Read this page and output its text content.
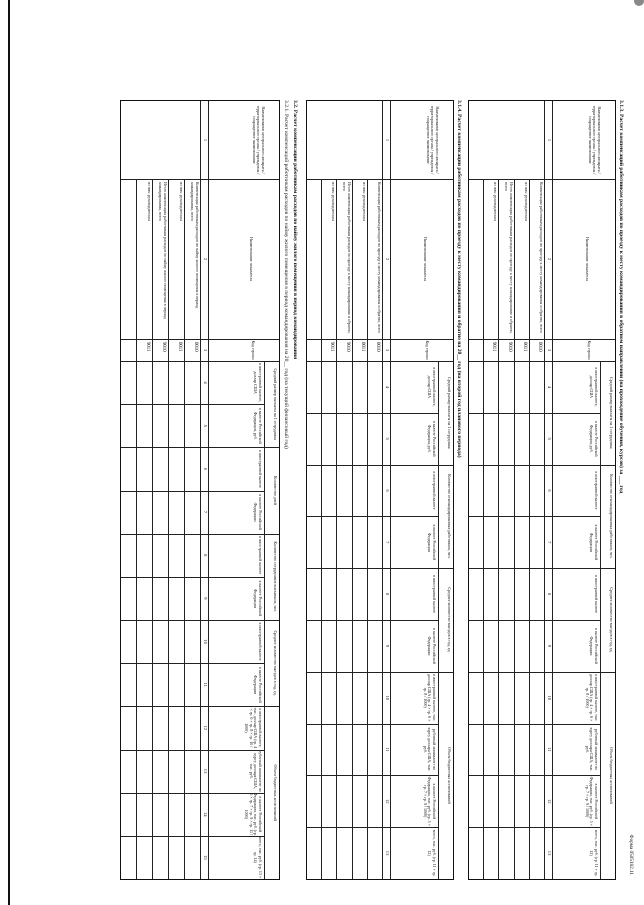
Форма 0505182.11
3.1.3. Расчет компенсаций работникам расходов по проезду к месту командирования в обратном направлении (на прохождение обучения, курсов) за ___ год
Наименование центрального аппарата / территориального органа / учреждения / сокращенное наименование
Наименование показателя
Код строки
Средний размер выплаты на 1 сотрудника
Количество откомандированных работников, чел.
Среднее количество выездов в год, ед.
Объем бюджетных ассигнований
в иностранной валюте, доллар США
в валюте Российской Федерации, руб.
в иностранной валюте
в валюте Российской Федерации
в иностранной валюте
в валюте Российской Федерации
в иностранной валюте, тыс. доллар США (гр. 4 × гр. 6 × гр. 8 / 1000)
рублевый эквивалент по курсу доллара США, тыс. руб.
в валюте Российской Федерации, тыс. руб. (гр. 5 × гр. 7 × гр. 9 / 1000)
всего, тыс. руб. (гр. 11 + гр. 12)
1
2
3
4
5
6
7
8
9
10
11
12
13
Компенсация работникам расходов по проезду к месту командирования и обратно, всего
0010
из них: руководителям
0011
Итого компенсация работникам расходов по проезду к месту командирования и обратно, всего
9010
из них: руководителям
9011
3.1.4. Расчет компенсации работникам расходов по проезду к месту командирования и обратно на 20__ год (на второй год планового периода)
Наименование центрального аппарата / территориального органа / учреждения / сокращенное наименование
Наименование показателя
Код строки
Средний размер выплаты на 1 сотрудника
Количество откомандированных работников, чел.
Среднее количество выездов в год, ед.
Объем бюджетных ассигнований
в иностранной валюте, доллар США
в валюте Российской Федерации, руб.
в иностранной валюте
в валюте Российской Федерации
в иностранной валюте
в валюте Российской Федерации
в иностранной валюте, тыс. доллар США (гр. 4 × гр. 6 × гр. 8 / 1000)
рублевый эквивалент по курсу доллара США, тыс. руб.
в валюте Российской Федерации, тыс. руб. (гр. 5 × гр. 7 × гр. 9 / 1000)
всего, тыс. руб. (гр. 11 + гр. 12)
1
2
3
4
5
6
7
8
9
10
11
12
13
Компенсация работникам расходов по проезду к месту командирования и обратно, всего
0010
из них: руководителям
0011
Итого компенсация работникам расходов по проезду к месту командирования и обратно, всего
9010
из них: руководителям
9011
3.2. Расчет компенсации работникам расходов по найму жилого помещения в период командирования
3.2.1. Расчет компенсаций работникам расходов по найму жилого помещения в период командирования на 20__ год (на текущий финансовый год)
Наименование центрального аппарата / территориального органа / учреждения / сокращенное наименование
Наименование показателя
Код строки
Средний размер выплаты на 1 сотрудника
Количество дней
Количество сотрудников выехавших, чел.
Среднее количество выездов в год, ед.
Объем бюджетных ассигнований
в иностранной валюте, доллар США
в валюте Российской Федерации, руб.
в иностранной валюте
в валюте Российской Федерации
в иностранной валюте
в валюте Российской Федерации
в иностранной валюте
в валюте Российской Федерации
в иностранной валюте, тыс. доллар США (гр. 4 × гр. 6 × гр. 8 × гр. 10 / 1000)
рублевый эквивалент по курсу доллара США, тыс. руб.
в валюте Российской Федерации, тыс. руб. (гр. 5 × гр. 7 × гр. 9 × гр. 11 / 1000)
всего, тыс. руб. (гр. 13 + гр. 14)
1
2
3
4
5
6
7
8
9
10
11
12
13
14
15
Компенсация работникам расходов по найму жилого помещения в период командирования, всего
0010
из них: руководителям
0011
Итого компенсация работникам расходов по найму жилого помещения в период командирования, всего
9010
из них: руководителям
9011
